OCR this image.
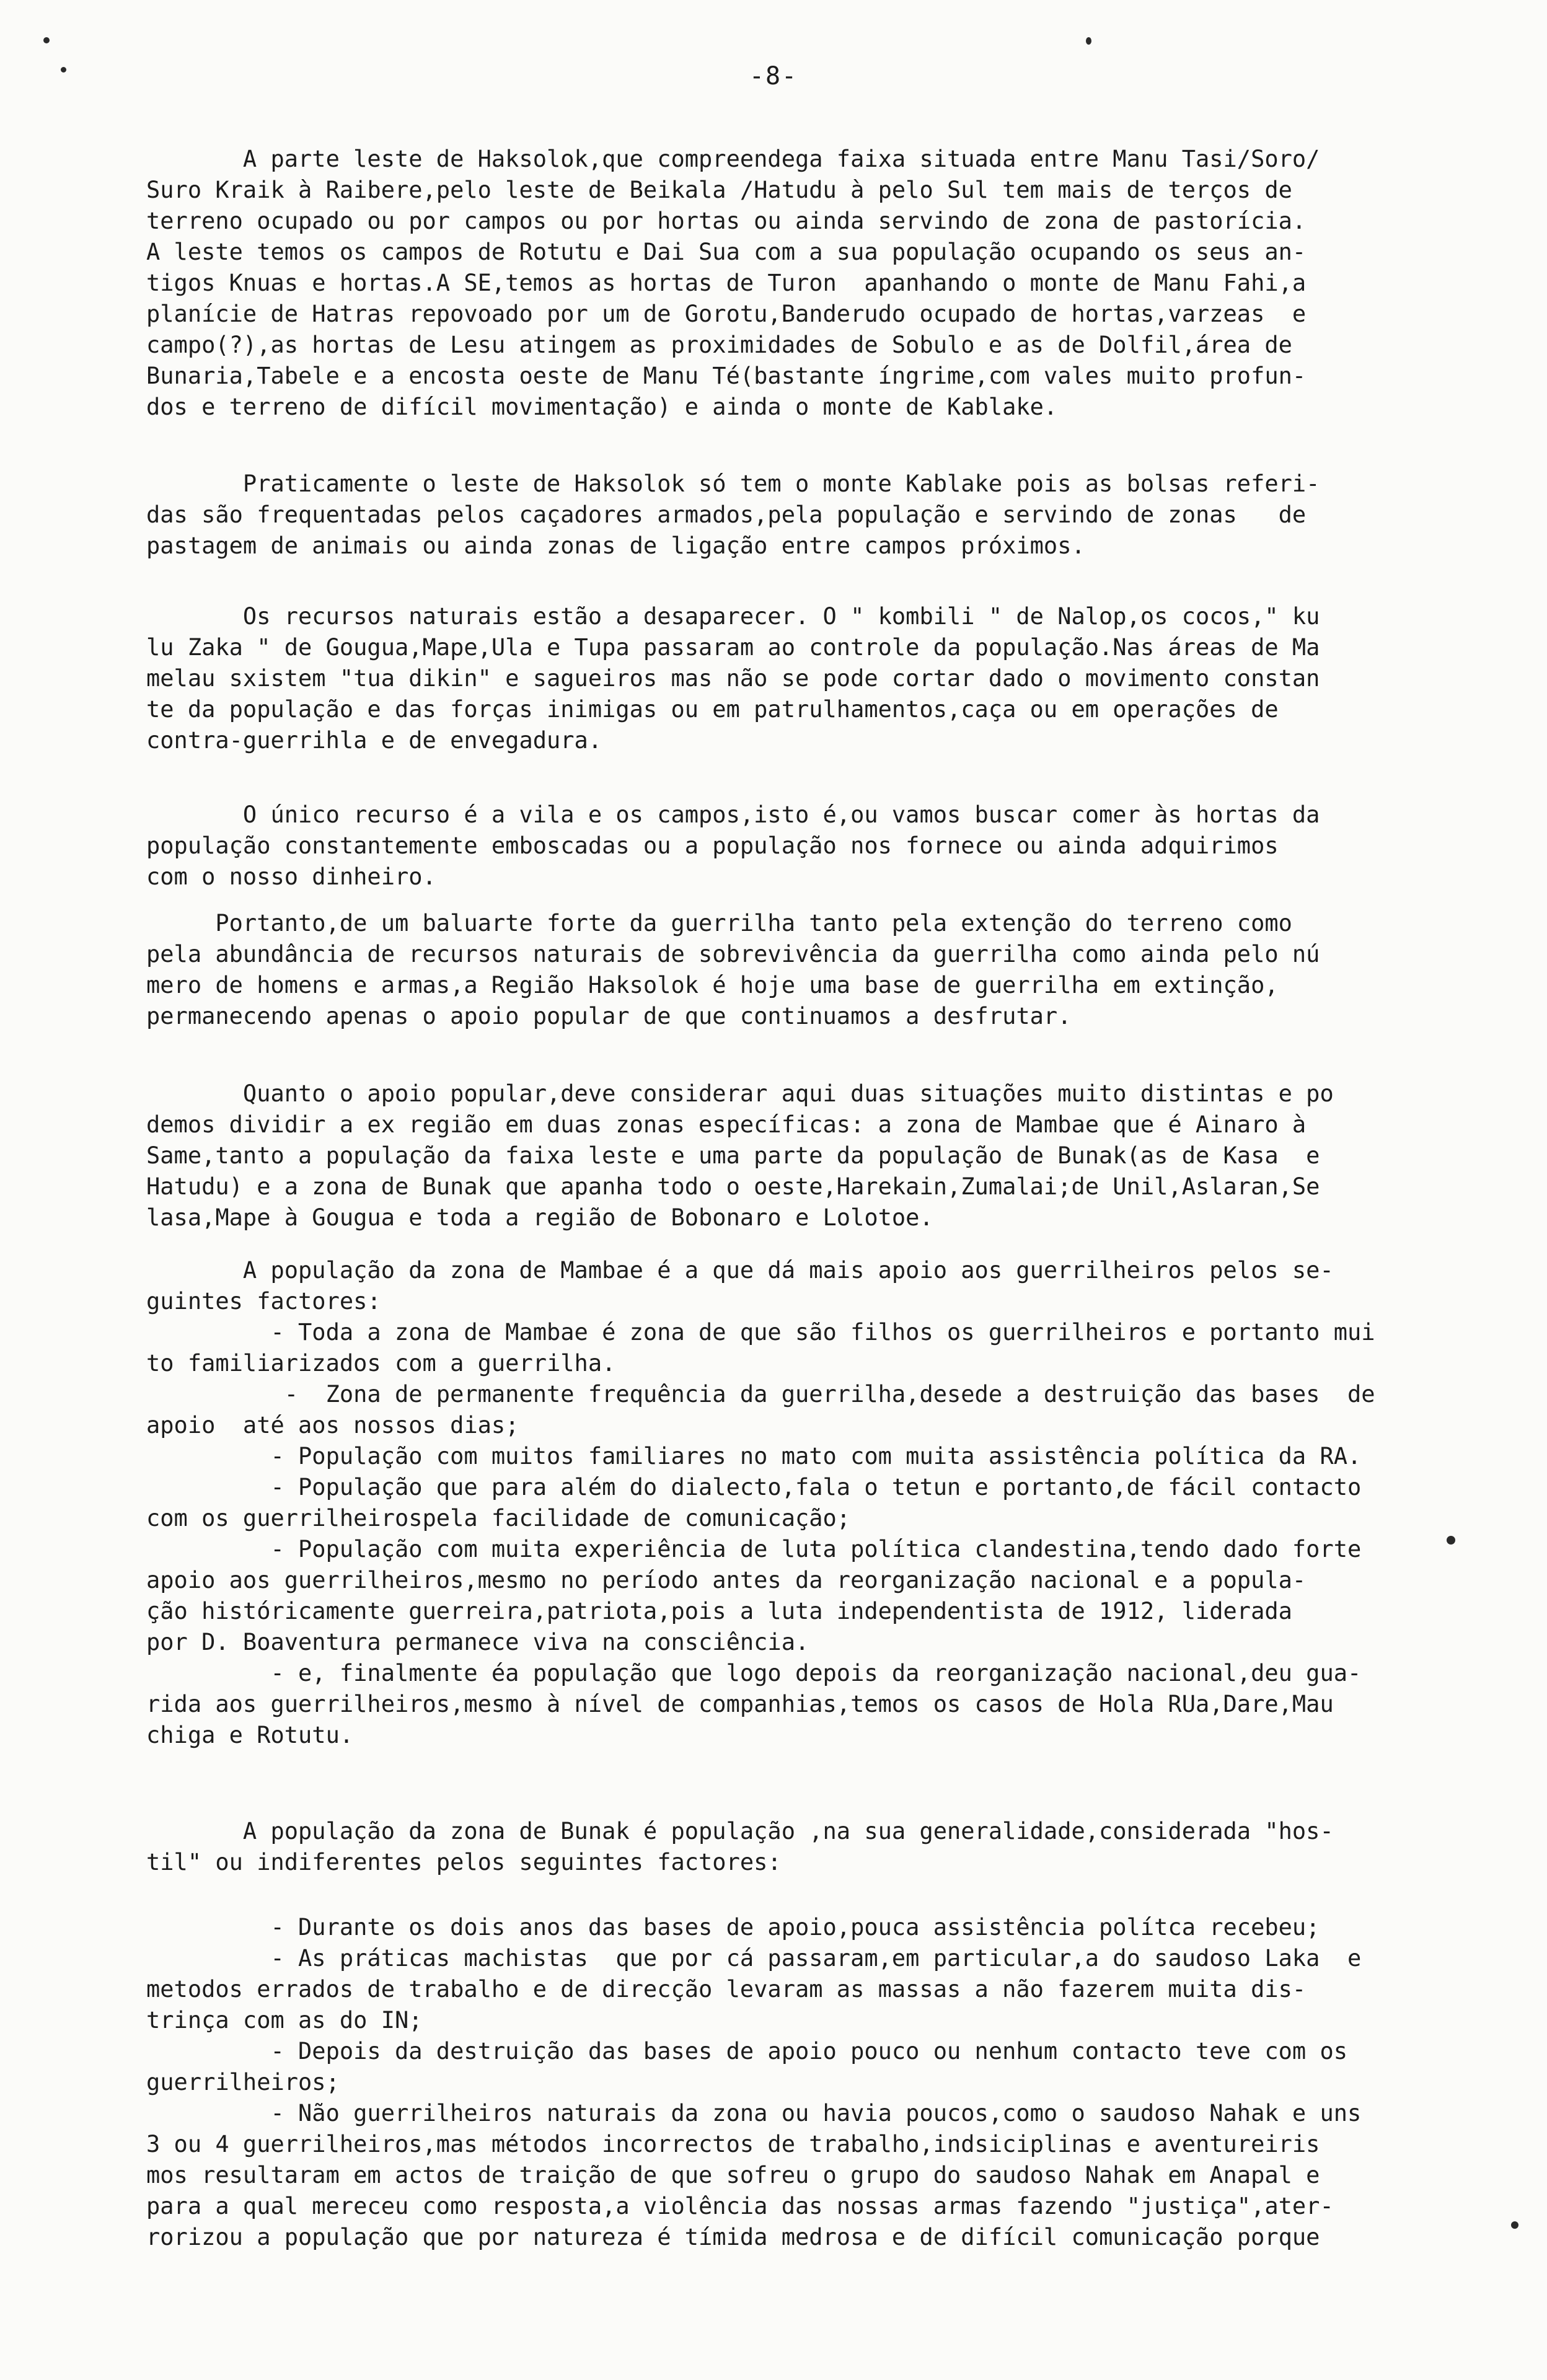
-8-
A parte leste de Haksolok,que compreendega faixa situada entre Manu Tasi/Soro/
Suro Kraik à Raibere,pelo leste de Beikala /Hatudu à pelo Sul tem mais de terços de
terreno ocupado ou por campos ou por hortas ou ainda servindo de zona de pastorícia.
A leste temos os campos de Rotutu e Dai Sua com a sua população ocupando os seus an-
tigos Knuas e hortas.A SE,temos as hortas de Turon  apanhando o monte de Manu Fahi,a
planície de Hatras repovoado por um de Gorotu,Banderudo ocupado de hortas,varzeas  e
campo(?),as hortas de Lesu atingem as proximidades de Sobulo e as de Dolfil,área de
Bunaria,Tabele e a encosta oeste de Manu Té(bastante íngrime,com vales muito profun-
dos e terreno de difícil movimentação) e ainda o monte de Kablake.
Praticamente o leste de Haksolok só tem o monte Kablake pois as bolsas referi-
das são frequentadas pelos caçadores armados,pela população e servindo de zonas   de
pastagem de animais ou ainda zonas de ligação entre campos próximos.
Os recursos naturais estão a desaparecer. O " kombili " de Nalop,os cocos," ku
lu Zaka " de Gougua,Mape,Ula e Tupa passaram ao controle da população.Nas áreas de Ma
melau sxistem "tua dikin" e sagueiros mas não se pode cortar dado o movimento constan
te da população e das forças inimigas ou em patrulhamentos,caça ou em operações de
contra-guerrihla e de envegadura.
O único recurso é a vila e os campos,isto é,ou vamos buscar comer às hortas da
população constantemente emboscadas ou a população nos fornece ou ainda adquirimos
com o nosso dinheiro.
Portanto,de um baluarte forte da guerrilha tanto pela extenção do terreno como
pela abundância de recursos naturais de sobrevivência da guerrilha como ainda pelo nú
mero de homens e armas,a Região Haksolok é hoje uma base de guerrilha em extinção,
permanecendo apenas o apoio popular de que continuamos a desfrutar.
Quanto o apoio popular,deve considerar aqui duas situações muito distintas e po
demos dividir a ex região em duas zonas específicas: a zona de Mambae que é Ainaro à
Same,tanto a população da faixa leste e uma parte da população de Bunak(as de Kasa  e
Hatudu) e a zona de Bunak que apanha todo o oeste,Harekain,Zumalai;de Unil,Aslaran,Se
lasa,Mape à Gougua e toda a região de Bobonaro e Lolotoe.
A população da zona de Mambae é a que dá mais apoio aos guerrilheiros pelos se-
guintes factores:
- Toda a zona de Mambae é zona de que são filhos os guerrilheiros e portanto mui
to familiarizados com a guerrilha.
-  Zona de permanente frequência da guerrilha,desede a destruição das bases  de
apoio  até aos nossos dias;
- População com muitos familiares no mato com muita assistência política da RA.
- População que para além do dialecto,fala o tetun e portanto,de fácil contacto
com os guerrilheirospela facilidade de comunicação;
- População com muita experiência de luta política clandestina,tendo dado forte
apoio aos guerrilheiros,mesmo no período antes da reorganização nacional e a popula-
ção históricamente guerreira,patriota,pois a luta independentista de 1912, liderada
por D. Boaventura permanece viva na consciência.
- e, finalmente éa população que logo depois da reorganização nacional,deu gua-
rida aos guerrilheiros,mesmo à nível de companhias,temos os casos de Hola RUa,Dare,Mau
chiga e Rotutu.
A população da zona de Bunak é população ,na sua generalidade,considerada "hos-
til" ou indiferentes pelos seguintes factores:
- Durante os dois anos das bases de apoio,pouca assistência polítca recebeu;
- As práticas machistas  que por cá passaram,em particular,a do saudoso Laka  e
metodos errados de trabalho e de direcção levaram as massas a não fazerem muita dis-
trinça com as do IN;
- Depois da destruição das bases de apoio pouco ou nenhum contacto teve com os
guerrilheiros;
- Não guerrilheiros naturais da zona ou havia poucos,como o saudoso Nahak e uns
3 ou 4 guerrilheiros,mas métodos incorrectos de trabalho,indsiciplinas e aventureiris
mos resultaram em actos de traição de que sofreu o grupo do saudoso Nahak em Anapal e
para a qual mereceu como resposta,a violência das nossas armas fazendo "justiça",ater-
rorizou a população que por natureza é tímida medrosa e de difícil comunicação porque
